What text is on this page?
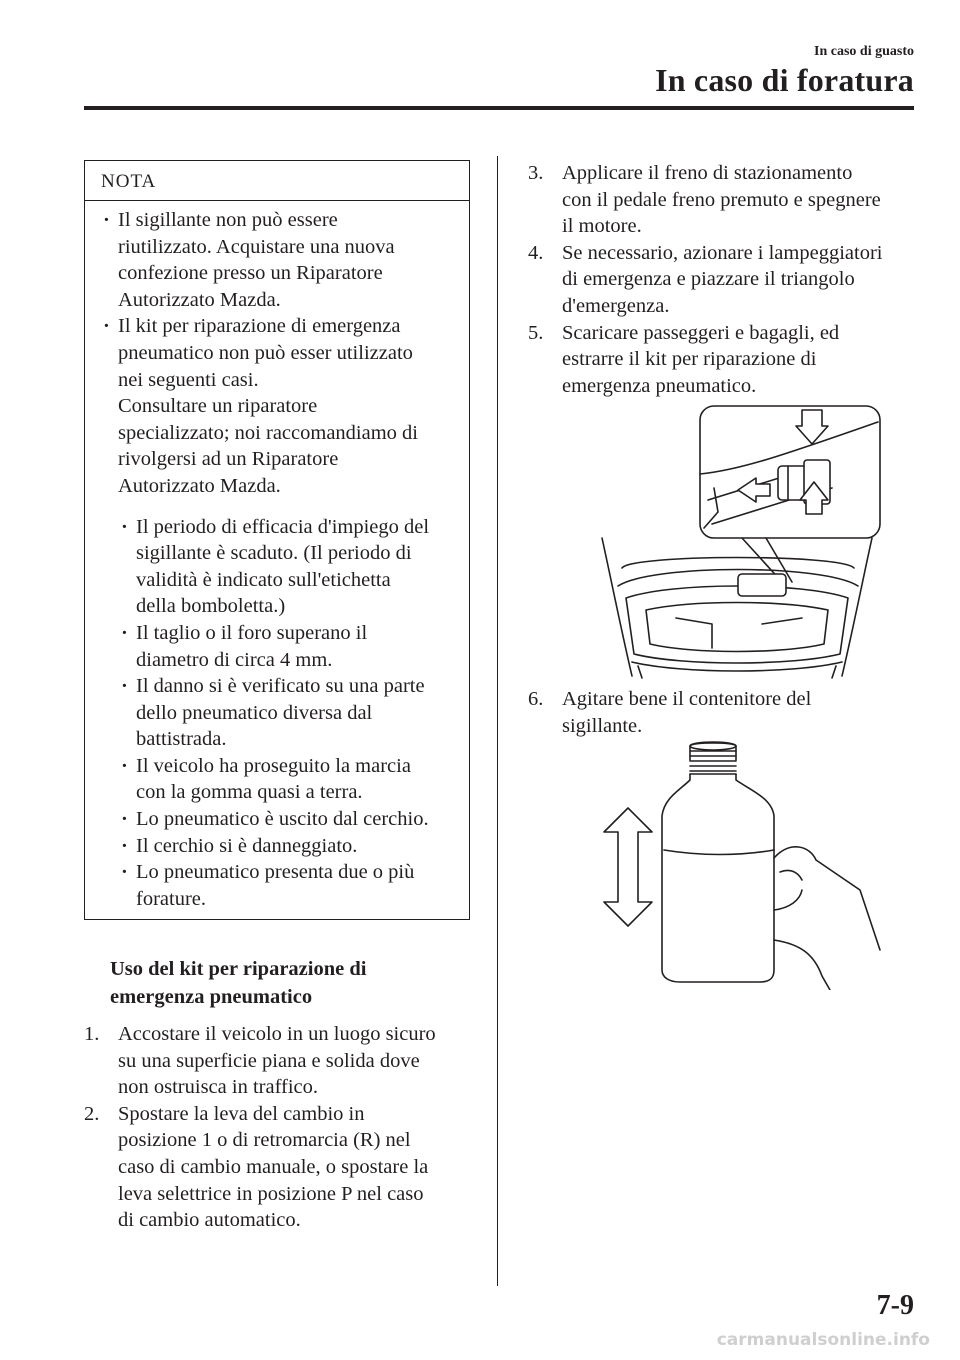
In caso di guasto
In caso di foratura
NOTA
· Il sigillante non può essere
riutilizzato. Acquistare una nuova
confezione presso un Riparatore
Autorizzato Mazda.
· Il kit per riparazione di emergenza
pneumatico non può esser utilizzato
nei seguenti casi.
Consultare un riparatore
specializzato; noi raccomandiamo di
rivolgersi ad un Riparatore
Autorizzato Mazda.
· Il periodo di efficacia d'impiego del
sigillante è scaduto. (Il periodo di
validità è indicato sull'etichetta
della bomboletta.)
· Il taglio o il foro superano il
diametro di circa 4 mm.
· Il danno si è verificato su una parte
dello pneumatico diversa dal
battistrada.
· Il veicolo ha proseguito la marcia
con la gomma quasi a terra.
· Lo pneumatico è uscito dal cerchio.
· Il cerchio si è danneggiato.
· Lo pneumatico presenta due o più
forature.
Uso del kit per riparazione di
emergenza pneumatico
1. Accostare il veicolo in un luogo sicuro
su una superficie piana e solida dove
non ostruisca in traffico.
2. Spostare la leva del cambio in
posizione 1 o di retromarcia (R) nel
caso di cambio manuale, o spostare la
leva selettrice in posizione P nel caso
di cambio automatico.
3. Applicare il freno di stazionamento
con il pedale freno premuto e spegnere
il motore.
4. Se necessario, azionare i lampeggiatori
di emergenza e piazzare il triangolo
d'emergenza.
5. Scaricare passeggeri e bagagli, ed
estrarre il kit per riparazione di
emergenza pneumatico.
6. Agitare bene il contenitore del
sigillante.
7-9
carmanualsonline.info
